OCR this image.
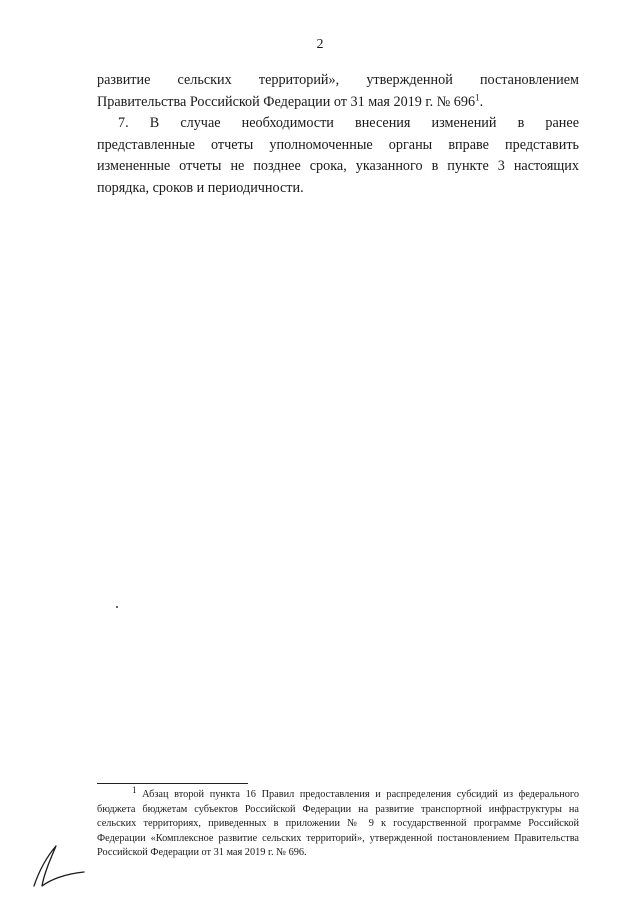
2

развитие сельских территорий», утвержденной постановлением

Правительства Российской Федерации от 31 мая 2019 г. № $696^1$.

7. В случае необходимости внесения изменений в ранее

представленные отчеты уполномоченные органы вправе представить

измененные отчеты не позднее срока, указанного в пункте 3 настоящих

порядка, сроков и периодичности.

$^1$ Абзац второй пункта 16 Правил предоставления и распределения субсидий из федерального бюджета бюджетам субъектов Российской Федерации на развитие транспортной инфраструктуры на сельских территориях, приведенных в приложении № 9 к государственной программе Российской Федерации «Комплексное развитие сельских территорий», утвержденной постановлением Правительства Российской Федерации от 31 мая 2019 г. № 696.
